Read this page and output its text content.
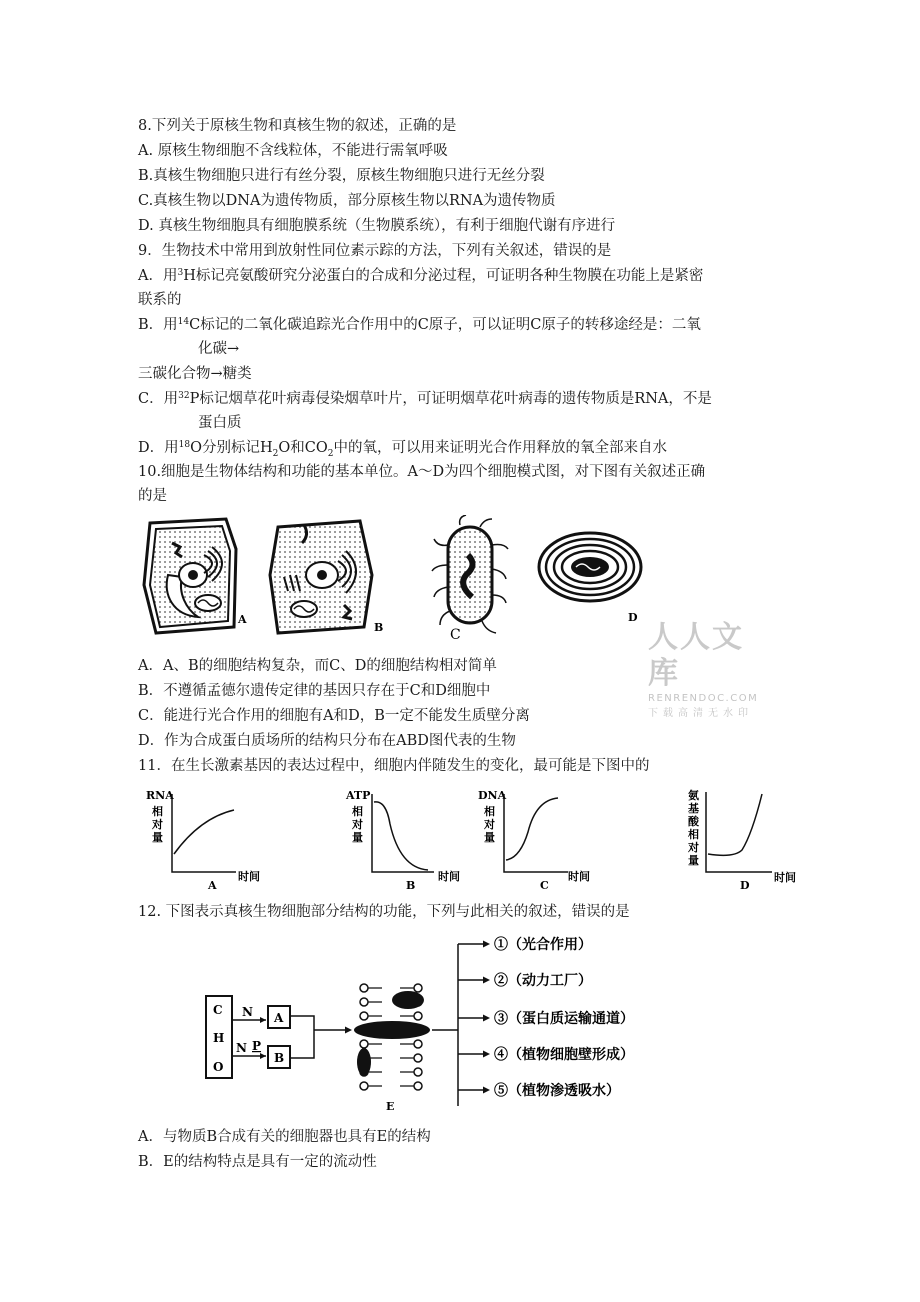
8.下列关于原核生物和真核生物的叙述，正确的是
A. 原核生物细胞不含线粒体，不能进行需氧呼吸
B.真核生物细胞只进行有丝分裂，原核生物细胞只进行无丝分裂
C.真核生物以DNA为遗传物质，部分原核生物以RNA为遗传物质
D. 真核生物细胞具有细胞膜系统（生物膜系统），有利于细胞代谢有序进行
9．生物技术中常用到放射性同位素示踪的方法，下列有关叙述，错误的是
A．用$^3$H标记亮氨酸研究分泌蛋白的合成和分泌过程，可证明各种生物膜在功能上是紧密
联系的
B．用$^{14}$C标记的二氧化碳追踪光合作用中的C原子，可以证明C原子的转移途经是：二氧
化碳→
三碳化合物→糖类
C．用$^{32}$P标记烟草花叶病毒侵染烟草叶片，可证明烟草花叶病毒的遗传物质是RNA，不是
蛋白质
D．用$^{18}$O分别标记$H_2O$和$CO_2$中的氧，可以用来证明光合作用释放的氧全部来自水
10.细胞是生物体结构和功能的基本单位。A～D为四个细胞模式图，对下图有关叙述正确
的是
A
B	C
D
人人文库
RENRENDOC.COM
下载高清无水印
A．A、B的细胞结构复杂，而C、D的细胞结构相对简单
B．不遵循孟德尔遗传定律的基因只存在于C和D细胞中
C．能进行光合作用的细胞有A和D，B一定不能发生质壁分离
D．作为合成蛋白质场所的结构只分布在ABD图代表的生物
11．在生长激素基因的表达过程中，细胞内伴随发生的变化，最可能是下图中的
RNA
相
对
量
A
时间
ATP
相
对
量
B
时间
DNA
相
对
量
C
时间
氨
基
酸
相
对
量
D
时间
12. 下图表示真核生物细胞部分结构的功能，下列与此相关的叙述，错误的是
C
H
O
N
N P
A
B
E
①（光合作用）
②（动力工厂）
③（蛋白质运输通道）
④（植物细胞壁形成）
⑤（植物渗透吸水）
A．与物质B合成有关的细胞器也具有E的结构
B．E的结构特点是具有一定的流动性
